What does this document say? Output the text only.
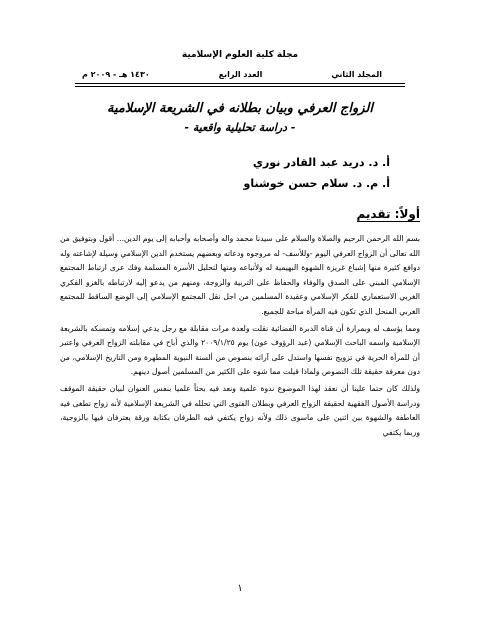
مجلة كلية العلوم الإسلامية
المجلد الثاني
العدد الرابع
١٤٣٠ هـ - ٢٠٠٩ م
الزواج العرفي وبيان بطلانه في الشريعة الإسلامية
- دراسة تحليلية واقعية -
أ. د. دريد عبد القادر نوري
أ. م. د. سلام حسن خوشناو
أولاً: تقديم

بسم الله الرحمن الرحيم والصلاة والسلام على سيدنا محمد واله وأصحابه وأحبابه إلى يوم الدين... أقول وبتوفيق من الله تعالى أن الزواج العرفي اليوم -وللأسف- له مروجوه ودعاته وبعضهم يستخدم الدين الإسلامي وسيلة لإشاعته وله دوافع كثيرة منها إشباع غريزة الشهوة البهيمية له ولأتباعه ومنها لتحليل الأسرة المسلمة وفك عرى ارتباط المجتمع الإسلامي المبني على الصدق والوفاء والحفاظ على التربية والزوجة، ومنهم من يدعو إليه لارتباطه بالغزو الفكري الغربي الاستعماري للفكر الإسلامي وعقيدة المسلمين من اجل نقل المجتمع الإسلامي إلى الوضع الساقط للمجتمع الغربي المنحل الذي تكون فيه المرأة مباحة للجميع.

ومما يؤسف له وبمرارة أن قناة الدبرة الفضائية نقلت ولعدة مرات مقابلة مع رجل يدعي إسلامه وتمسكه بالشريعة الإسلامية واسمه الباحث الإسلامي (عبد الرؤوف عون) يوم ٢٠٠٩/١/٢٥ والذي أباح في مقابلته الزواج العرفي واعتبر أن للمرأة الحرية في تزويج نفسها واستدل على آرائه بنصوص من ألسنة النبوية المطهرة ومن التاريخ الإسلامي، من دون معرفة حقيقة تلك النصوص ولماذا قيلت مما شوه على الكثير من المسلمين أصول دينهم.

ولذلك كان حتما علينا أن نعقد لهذا الموضوع ندوة علمية ونعد فيه بحثاً علميا بنفس العنوان لبيان حقيقة الموقف ودراسة الأصول الفقهية لحقيقة الزواج العرفي وبطلان الفتوى التي تحلله في الشريعة الإسلامية لأنه زواج تطغى فيه العاطفة والشهوة بين اثنين على ماسوى ذلك ولأنه زواج يكتفي فيه الطرفان بكتابة ورقة يعترفان فيها بالزوجية، وربما يكتفي

١
